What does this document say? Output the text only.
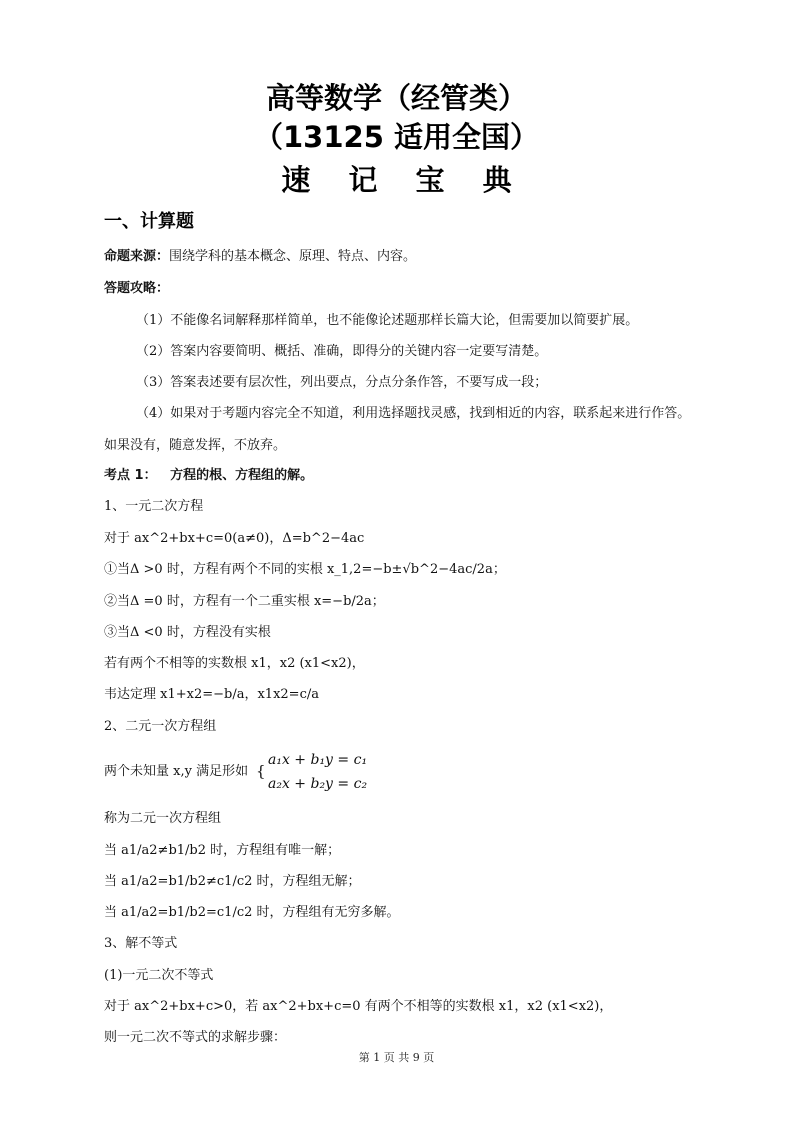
高等数学（经管类）
（13125 适用全国）
速 记 宝 典
一、计算题
命题来源：围绕学科的基本概念、原理、特点、内容。
答题攻略：
（1）不能像名词解释那样简单，也不能像论述题那样长篇大论，但需要加以简要扩展。
（2）答案内容要简明、概括、准确，即得分的关键内容一定要写清楚。
（3）答案表述要有层次性，列出要点，分点分条作答，不要写成一段；
（4）如果对于考题内容完全不知道，利用选择题找灵感，找到相近的内容，联系起来进行作答。
如果没有，随意发挥，不放弃。
考点 1： 方程的根、方程组的解。
1、一元二次方程
对于 ax^2+bx+c=0(a≠0)，Δ=b^2−4ac
①当Δ >0 时，方程有两个不同的实根 x_1,2=−b±√b^2−4ac/2a；
②当Δ =0 时，方程有一个二重实根 x=−b/2a；
③当Δ <0 时，方程没有实根
若有两个不相等的实数根 x1，x2 (x1<x2)，
韦达定理 x1+x2=−b/a，x1x2=c/a
2、二元一次方程组
两个未知量 x,y 满足形如 {
a₁x + b₁y = c₁
a₂x + b₂y = c₂
称为二元一次方程组
当 a1/a2≠b1/b2 时，方程组有唯一解；
当 a1/a2=b1/b2≠c1/c2 时，方程组无解；
当 a1/a2=b1/b2=c1/c2 时，方程组有无穷多解。
3、解不等式
(1)一元二次不等式
对于 ax^2+bx+c>0，若 ax^2+bx+c=0 有两个不相等的实数根 x1，x2 (x1<x2)，
则一元二次不等式的求解步骤：
第 1 页 共 9 页
